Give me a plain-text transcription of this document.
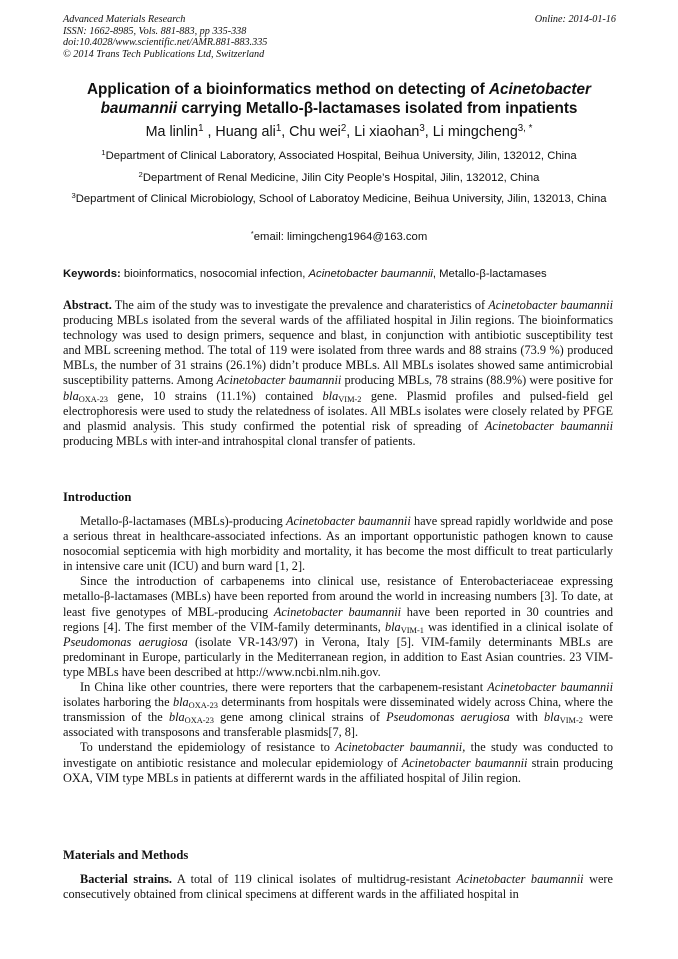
Advanced Materials Research
ISSN: 1662-8985, Vols. 881-883, pp 335-338
doi:10.4028/www.scientific.net/AMR.881-883.335
© 2014 Trans Tech Publications Ltd, Switzerland
Online: 2014-01-16
Application of a bioinformatics method on detecting of Acinetobacter baumannii carrying Metallo-β-lactamases isolated from inpatients
Ma linlin$^1$ , Huang ali$^1$, Chu wei$^2$, Li xiaohan$^3$, Li mingcheng$^{3, *}$
$^1$Department of Clinical Laboratory, Associated Hospital, Beihua University, Jilin, 132012, China
$^2$Department of Renal Medicine, Jilin City People’s Hospital, Jilin, 132012, China
$^3$Department of Clinical Microbiology, School of Laboratoy Medicine, Beihua University, Jilin, 132013, China
*email: limingcheng1964@163.com
Keywords: bioinformatics, nosocomial infection, Acinetobacter baumannii, Metallo-β-lactamases

Abstract. The aim of the study was to investigate the prevalence and charateristics of Acinetobacter baumannii producing MBLs isolated from the several wards of the affiliated hospital in Jilin regions. The bioinformatics technology was used to design primers, sequence and blast, in conjunction with antibiotic susceptibility test and MBL screening method. The total of 119 were isolated from three wards and 88 strains (73.9 %) produced MBLs, the number of 31 strains (26.1%) didn’t produce MBLs. All MBLs isolates showed same antimicrobial susceptibility patterns. Among Acinetobacter baumannii producing MBLs, 78 strains (88.9%) were positive for bla$_{OXA-23}$ gene, 10 strains (11.1%) contained bla$_{VIM-2}$ gene. Plasmid profiles and pulsed-field gel electrophoresis were used to study the relatedness of isolates. All MBLs isolates were closely related by PFGE and plasmid analysis. This study confirmed the potential risk of spreading of Acinetobacter baumannii producing MBLs with inter-and intrahospital clonal transfer of patients.

Introduction

Metallo-β-lactamases (MBLs)-producing Acinetobacter baumannii have spread rapidly worldwide and pose a serious threat in healthcare-associated infections. As an important opportunistic pathogen known to cause nosocomial septicemia with high morbidity and mortality, it has become the most difficult to treat particularly in intensive care unit (ICU) and burn ward [1, 2].

Since the introduction of carbapenems into clinical use, resistance of Enterobacteriaceae expressing metallo-β-lactamases (MBLs) have been reported from around the world in increasing numbers [3]. To date, at least five genotypes of MBL-producing Acinetobacter baumannii have been reported in 30 countries and regions [4]. The first member of the VIM-family determinants, bla$_{VIM-1}$ was identified in a clinical isolate of Pseudomonas aerugiosa (isolate VR-143/97) in Verona, Italy [5]. VIM-family determinants MBLs are predominant in Europe, particularly in the Mediterranean region, in addition to East Asian countries. 23 VIM-type MBLs have been described at http://www.ncbi.nlm.nih.gov.

In China like other countries, there were reporters that the carbapenem-resistant Acinetobacter baumannii isolates harboring the bla$_{OXA-23}$ determinants from hospitals were disseminated widely across China, where the transmission of the bla$_{OXA-23}$ gene among clinical strains of Pseudomonas aerugiosa with bla$_{VIM-2}$ were associated with transposons and transferable plasmids[7, 8].

To understand the epidemiology of resistance to Acinetobacter baumannii, the study was conducted to investigate on antibiotic resistance and molecular epidemiology of Acinetobacter baumannii strain producing OXA, VIM type MBLs in patients at differernt wards in the affiliated hospital of Jilin region.

Materials and Methods

Bacterial strains. A total of 119 clinical isolates of multidrug-resistant Acinetobacter baumannii were consecutively obtained from clinical specimens at different wards in the affiliated hospital in
